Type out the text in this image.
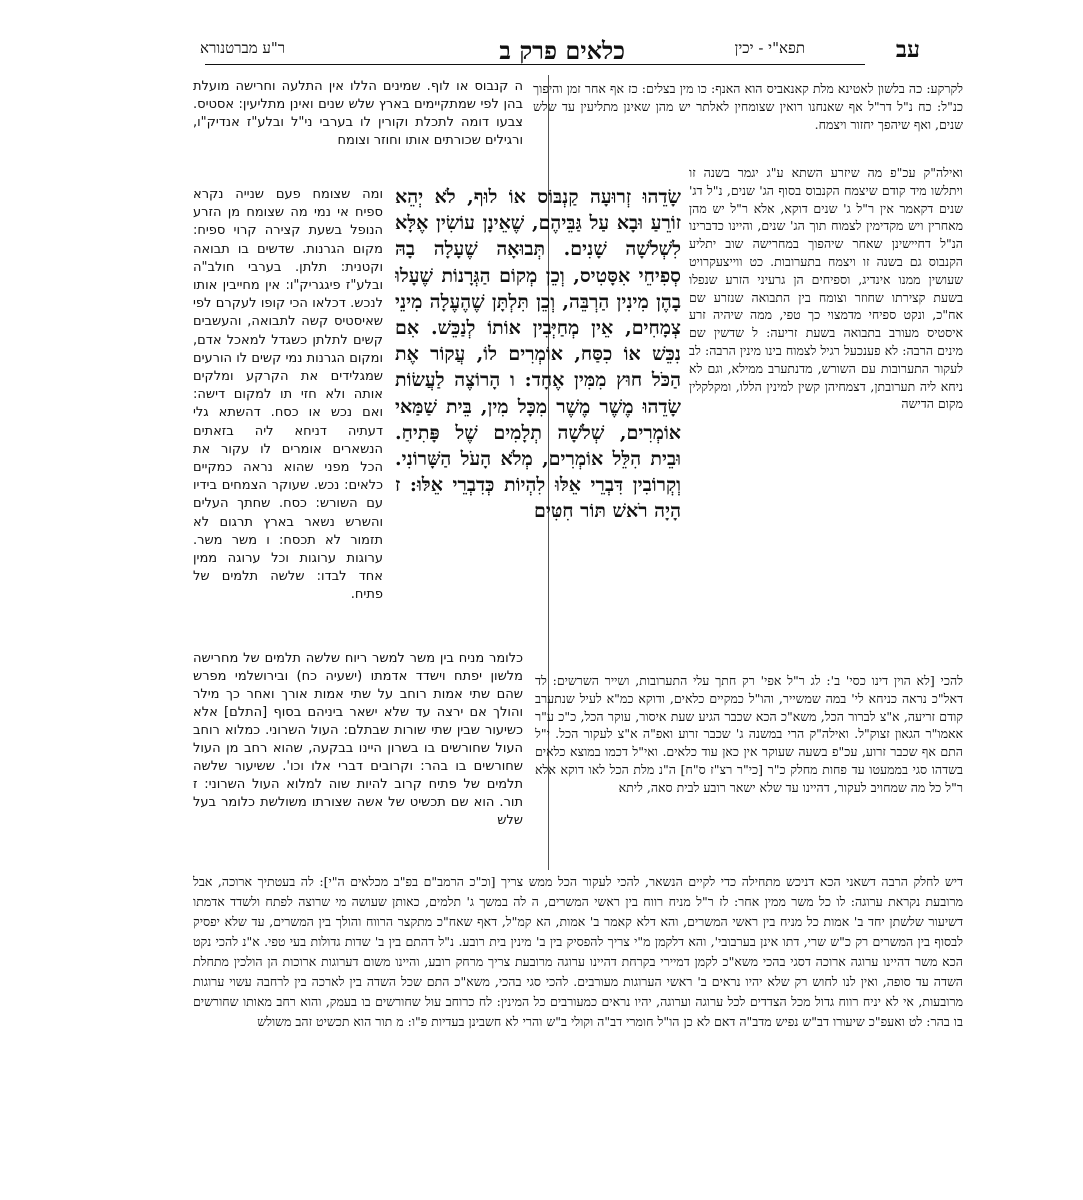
עב
תפא"י - יכין
כלאים פרק ב
ר"ע מברטנורא

לקרקע: כה בלשון לאטינא מלת קאנאביס הוא האנף: כו מין בצלים: כז אף אחר זמן והיפוך כנ"ל: כח נ"ל דר"ל אף שאנחנו רואין שצומחין לאלתר יש מהן שאינן מתליעין עד שלש שנים, ואף שיהפך יחזור ויצמח.

ואילה"ק עכ"פ מה שיזרע השתא ע"ג יגמר בשנה זו ויתלשו מיד קודם שיצמח הקנבוס בסוף הג' שנים, נ"ל דג' שנים דקאמר אין ר"ל ג' שנים דוקא, אלא ר"ל יש מהן מאחרין ויש מקדימין לצמוח תוך הג' שנים, והיינו כדברינו הנ"ל דחיישינן שאחר שיהפוך במחרישה שוב יתליע הקנבוס גם בשנה זו ויצמח בתערובות. כט ווייצעקרויט שעושין ממנו אינדיג, וספיחים הן גרעיני הזרע שנפלו בשעת קצירתו שחוזר וצומח בין התבואה שנזרע שם אח"כ, ונקט ספיחי מדמצוי כך טפי, ממה שיהיה זרע איסטיס מעורב בתבואה בשעת זריעה: ל שדשין שם מינים הרבה: לא פענכעל רגיל לצמוח בינו מינין הרבה: לב לעקור התערובות עם השורש, מדנתערב ממילא, וגם לא ניחא ליה תערובתן, דצמחיהן קשין למינין הללו, ומקלקלין מקום הדישה

שָׂדֵהוּ זְרוּעָה קַנְבּוֹס אוֹ לוּף, לֹא יְהֵא זוֹרֵעַ וּבָא עַל גַּבֵּיהֶם, שֶׁאֵינָן עוֹשִׂין אֶלָּא לִשְׁלֹשָׁה שָׁנִים. תְּבוּאָה שֶׁעָלָה בָהּ סְפִיחֵי אִסָּטִיס, וְכֵן מְקוֹם הַגְּרָנוֹת שֶׁעָלוּ בָהֶן מִינִין הַרְבֵּה, וְכֵן תִּלְתָּן שֶׁהֶעֶלָה מִינֵי צְמָחִים, אֵין מְחַיְּבִין אוֹתוֹ לְנַכֵּשׁ. אִם נִכֵּשׁ אוֹ כִסַּח, אוֹמְרִים לוֹ, עֲקוֹר אֶת הַכֹּל חוּץ מִמִּין אֶחָד: ו הָרוֹצֶה לַעֲשׂוֹת שָׂדֵהוּ מֶשֶׁר מֶשֶׁר מִכָּל מִין, בֵּית שַׁמַּאי אוֹמְרִים, שְׁלֹשָׁה תְלָמִים שֶׁל פָּתִיחַ. וּבֵית הִלֵּל אוֹמְרִים, מְלֹא הָעֹל הַשָּׁרוֹנִי. וְקְרוֹבִין דִּבְרֵי אֵלּוּ לִהְיוֹת כְּדִבְרֵי אֵלּוּ: ז הָיָה רֹאשׁ תּוֹר חִטִּים

להכי [לא הוין דינו כסי' ב': לג ר"ל אפי' רק חתך עלי התערובות, ושייר השרשים: לד דאל"כ נראה כניחא לי' במה שמשייר, והו"ל כמקיים כלאים, ודוקא כמ"א לעיל שנתערב קודם זריעה, א"צ לברור הכל, משא"כ הכא שכבר הגיע שעת איסור, עוקר הכל, כ"כ ע"ר אאמו"ר הגאון זצוק"ל. ואילה"ק הרי במשנה ג' שכבר זרוע ואפ"ה א"צ לעקור הכל. י"ל התם אף שכבר זרוע, עכ"פ בשעה שעוקר אין כאן עוד כלאים. ואי"ל דכמו במוצא כלאים בשדהו סגי בממעטו עד פחות מחלק כ"ר [כי"ר רצ"ז ס"ח] ה"נ מלת הכל לאו דוקא אלא ר"ל כל מה שמחויב לעקור, דהיינו עד שלא ישאר רובע לבית סאה, ליתא

ה קנבוס או לוף. שמינים הללו אין התלעה וחרישה מועלת בהן לפי שמתקיימים בארץ שלש שנים ואינן מתליעין: אסטיס. צבעו דומה לתכלת וקורין לו בערבי ני"ל ובלע"ז אנדיק"ו, ורגילים שכורתים אותו וחוזר וצומח

ומה שצומח פעם שנייה נקרא ספיח אי נמי מה שצומח מן הזרע הנופל בשעת קצירה קרוי ספיח: מקום הגרנות. שדשים בו תבואה וקטנית: תלתן. בערבי חולב"ה ובלע"ז פיגגריק"ו: אין מחייבין אותו לנכש. דכלאו הכי קופו לעקרם לפי שאיסטיס קשה לתבואה, והעשבים קשים לתלתן כשגדל למאכל אדם, ומקום הגרנות נמי קשים לו הורעים שמגלידים את הקרקע ומלקים אותה ולא חזי תו למקום דישה: ואם נכש או כסח. דהשתא גלי דעתיה דניחא ליה בזאתים הנשארים אומרים לו עקור את הכל מפני שהוא נראה כמקיים כלאים: נכש. שעוקר הצמחים בידיו עם השורש: כסח. שחתך העלים והשרש נשאר בארץ תרגום לא תזמור לא תכסח: ו משר משר. ערוגות ערוגות וכל ערוגה ממין אחד לבדו: שלשה תלמים של פתיח.

כלומר מניח בין משר למשר ריוח שלשה תלמים של מחרישה מלשון יפתח וישדד אדמתו (ישעיה כח) ובירושלמי מפרש שהם שתי אמות רוחב על שתי אמות אורך ואחר כך מילר והולך אם ירצה עד שלא ישאר ביניהם בסוף [התלם] אלא כשיעור שבין שתי שורות שבתלם: העול השרוני. כמלוא רוחב העול שחורשים בו בשרון היינו בבקעה, שהוא רחב מן העול שחורשים בו בהר: וקרובים דברי אלו וכו'. ששיעור שלשה תלמים של פתיח קרוב להיות שוה למלוא העול השרוני: ז תור. הוא שם תכשיט של אשה שצורתו משולשת כלומר בעל שלש

דיש לחלק הרבה דשאני הכא דניכש מתחילה כדי לקיים הנשאר, להכי לעקור הכל ממש צריך [וכ"כ הרמב"ם בפ"ב מכלאים ה"י]: לה בעטתיך ארוכה, אבל מרובעת נקראת ערוגה: לו כל משר ממין אחר: לז ר"ל מניח רווח בין ראשי המשרים, ה לה במשך ג' תלמים, כאותן שעושה מי שרוצה לפתח ולשדד אדמתו דשיעור שלשתן יחד ב' אמות כל מניח בין ראשי המשרים, והא דלא קאמר ב' אמות, הא קמ"ל, דאף שאח"כ מתקצר הרווח והולך בין המשרים, עד שלא יפסיק לבסוף בין המשרים רק כ"ש שרי, דתו אינן בערבובי', והא דלקמן מ"י צריך להפסיק בין ב' מינין בית רובע. נ"ל דהתם בין ב' שדות גדולות בעי טפי. א"נ להכי נקט הכא משר דהיינו ערוגה ארוכה דסגי בהכי משא"כ לקמן דמיירי בקרחת דהיינו ערוגה מרובעת צריך מרחק רובע, והיינו משום דערוגות ארוכות הן הולכין מתחלת השדה עד סופה, ואין לנו לחוש רק שלא יהיו נראים ב' ראשי הערוגות מעורבים. להכי סגי בהכי, משא"כ התם שכל השדה בין לארכה בין לרחבה עשוי ערוגות מרובעות, אי לא יניח רווח גדול מכל הצדדים לכל ערוגה וערוגה, יהיו נראים כמעורבים כל המינין: לח כרוחב עול שחורשים בו בעמק, והוא רחב מאותו שחורשים בו בהר: לט ואעפ"כ שיעורו דב"ש נפיש מדב"ה דאם לא כן הו"ל חומרי דב"ה וקולי ב"ש והרי לא חשבינן בעדיות פ"ו: מ תור הוא תכשיט זהב משולש
